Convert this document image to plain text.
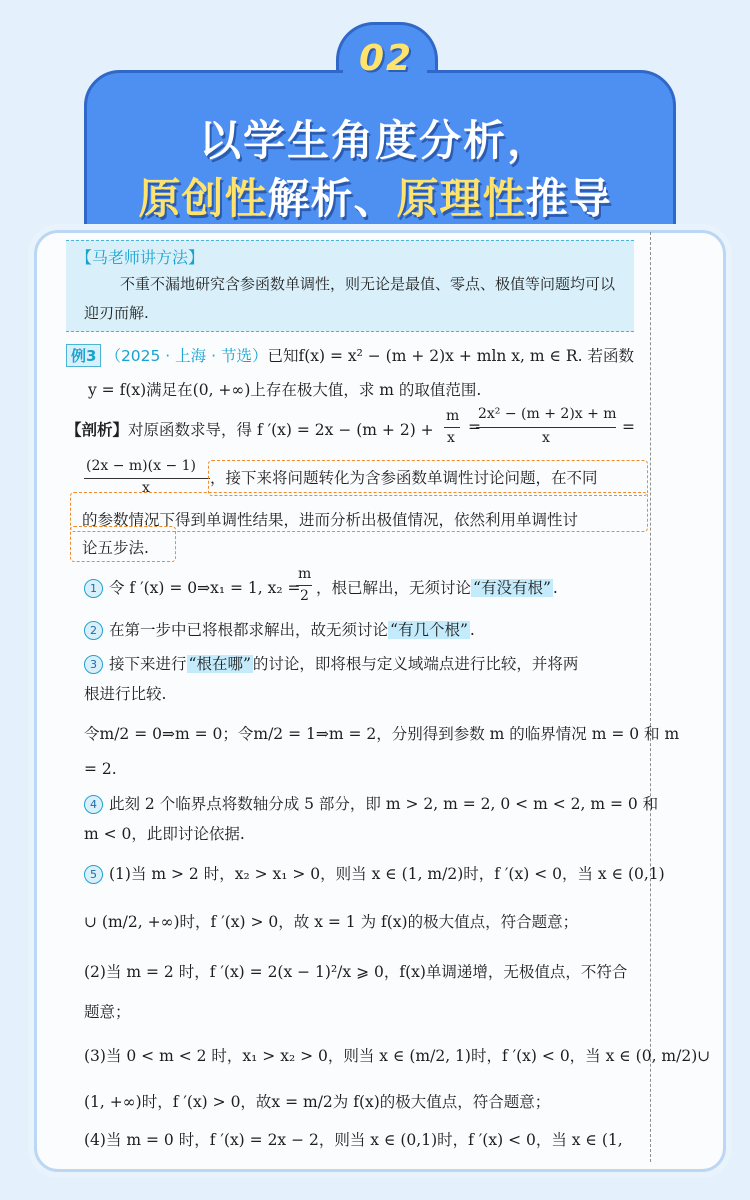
02
以学生角度分析，
原创性解析、原理性推导
【马老师讲方法】
不重不漏地研究含参函数单调性，则无论是最值、零点、极值等问题均可以迎刃而解.
例3 （2025 · 上海 · 节选）已知f(x) = x² − (m + 2)x + mln x, m ∈ R. 若函数
y = f(x)满足在(0, +∞)上存在极大值，求 m 的取值范围.
【剖析】对原函数求导，得 f ′(x) = 2x − (m + 2) +
m
x
=
2x² − (m + 2)x + m
x
=
(2x − m)(x − 1)
x
，接下来将问题转化为含参函数单调性讨论问题，在不同
的参数情况下得到单调性结果，进而分析出极值情况，依然利用单调性讨
论五步法.
1 令 f ′(x) = 0⇒x₁ = 1, x₂ =
m
2 ，根已解出，无须讨论 “有没有根” .
2 在第一步中已将根都求解出，故无须讨论 “有几个根” .
3 接下来进行 “根在哪” 的讨论，即将根与定义域端点进行比较，并将两
根进行比较.
令m/2 = 0⇒m = 0；令m/2 = 1⇒m = 2，分别得到参数 m 的临界情况 m = 0 和 m
= 2.
4 此刻 2 个临界点将数轴分成 5 部分，即 m > 2, m = 2, 0 < m < 2, m = 0 和
m < 0，此即讨论依据.
5 (1)当 m > 2 时，x₂ > x₁ > 0，则当 x ∈ (1, m/2)时，f ′(x) < 0，当 x ∈ (0,1)
∪ (m/2, +∞)时，f ′(x) > 0，故 x = 1 为 f(x)的极大值点，符合题意；
(2)当 m = 2 时，f ′(x) = 2(x − 1)²/x ⩾ 0，f(x)单调递增，无极值点，不符合
题意；
(3)当 0 < m < 2 时，x₁ > x₂ > 0，则当 x ∈ (m/2, 1)时，f ′(x) < 0，当 x ∈ (0, m/2)∪
(1, +∞)时，f ′(x) > 0，故x = m/2为 f(x)的极大值点，符合题意；
(4)当 m = 0 时，f ′(x) = 2x − 2，则当 x ∈ (0,1)时，f ′(x) < 0，当 x ∈ (1,
